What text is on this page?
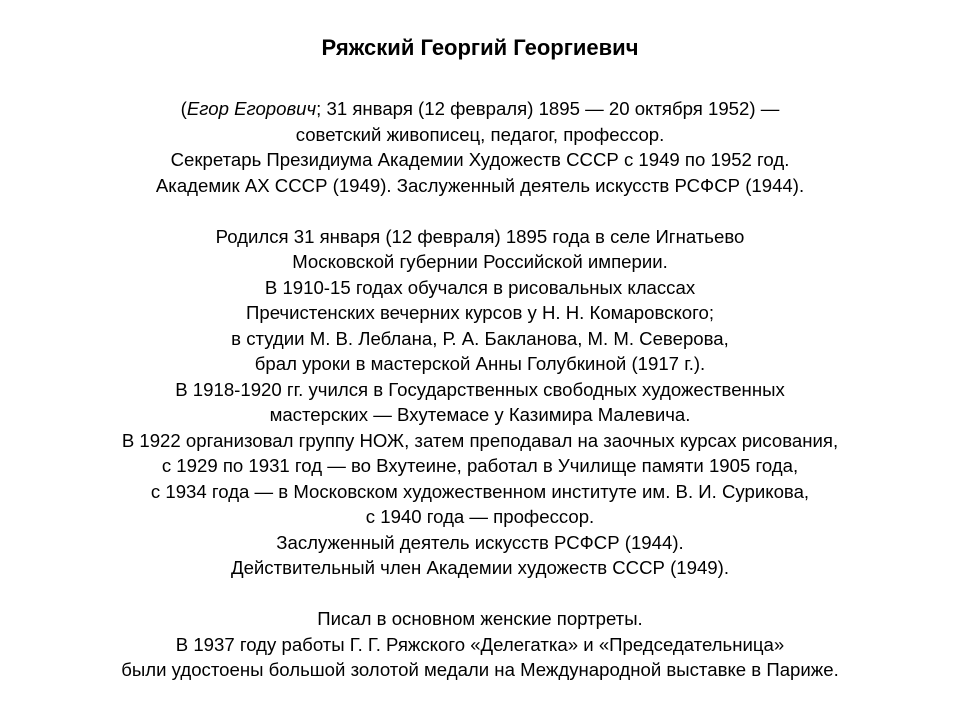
Ряжский Георгий Георгиевич
(Егор Егорович; 31 января (12 февраля) 1895 — 20 октября 1952) —
советский живописец, педагог, профессор.
Секретарь Президиума Академии Художеств СССР с 1949 по 1952 год.
Академик АХ СССР (1949). Заслуженный деятель искусств РСФСР (1944).
Родился 31 января (12 февраля) 1895 года в селе Игнатьево
Московской губернии Российской империи.
В 1910-15 годах обучался в рисовальных классах
Пречистенских вечерних курсов у Н. Н. Комаровского;
в студии М. В. Леблана, Р. А. Бакланова, М. М. Северова,
брал уроки в мастерской Анны Голубкиной (1917 г.).
В 1918-1920 гг. учился в Государственных свободных художественных
мастерских — Вхутемасе у Казимира Малевича.
В 1922 организовал группу НОЖ, затем преподавал на заочных курсах рисования,
с 1929 по 1931 год — во Вхутеине, работал в Училище памяти 1905 года,
с 1934 года — в Московском художественном институте им. В. И. Сурикова,
с 1940 года — профессор.
Заслуженный деятель искусств РСФСР (1944).
Действительный член Академии художеств СССР (1949).
Писал в основном женские портреты.
В 1937 году работы Г. Г. Ряжского «Делегатка» и «Председательница»
были удостоены большой золотой медали на Международной выставке в Париже.
